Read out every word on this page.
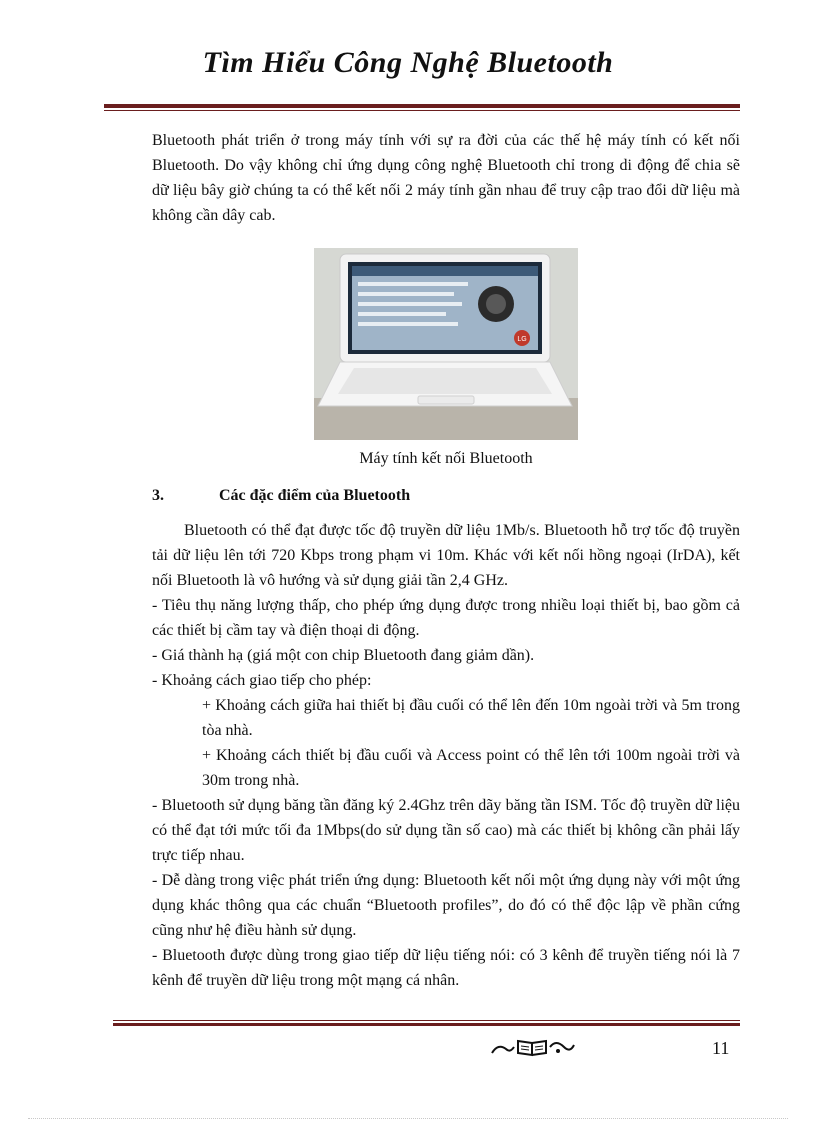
Tìm Hiểu Công Nghệ Bluetooth

Bluetooth phát triển ở trong máy tính với sự ra đời của các thế hệ máy tính có kết nối Bluetooth. Do vậy không chỉ ứng dụng công nghệ Bluetooth chỉ trong di động để chia sẽ dữ liệu bây giờ chúng ta có thể kết nối 2 máy tính gần nhau để truy cập trao đổi dữ liệu mà không cần dây cab.

LG
Máy tính kết nối Bluetooth
3.	Các đặc điểm của Bluetooth

Bluetooth có thể đạt được tốc độ truyền dữ liệu 1Mb/s. Bluetooth hỗ trợ tốc độ truyền tải dữ liệu lên tới 720 Kbps trong phạm vi 10m. Khác với kết nối hồng ngoại (IrDA), kết nối Bluetooth là vô hướng và sử dụng giải tần 2,4 GHz.

- Tiêu thụ năng lượng thấp, cho phép ứng dụng được trong nhiều loại thiết bị, bao gồm cả các thiết bị cầm tay và điện thoại di động.

- Giá thành hạ (giá một con chip Bluetooth đang giảm dần).

- Khoảng cách giao tiếp cho phép:

+ Khoảng cách giữa hai thiết bị đầu cuối có thể lên đến 10m ngoài trời và 5m trong tòa nhà.

+ Khoảng cách thiết bị đầu cuối và Access point có thể lên tới 100m ngoài trời và 30m trong nhà.

- Bluetooth sử dụng băng tần đăng ký 2.4Ghz trên dãy băng tần ISM. Tốc độ truyền dữ liệu có thể đạt tới mức tối đa 1Mbps(do sử dụng tần số cao) mà các thiết bị không cần phải lấy trực tiếp nhau.

- Dễ dàng trong việc phát triển ứng dụng: Bluetooth kết nối một ứng dụng này với một ứng dụng khác thông qua các chuẩn “Bluetooth profiles”, do đó có thể độc lập về phần cứng cũng như hệ điều hành sử dụng.

- Bluetooth được dùng trong giao tiếp dữ liệu tiếng nói: có 3 kênh để truyền tiếng nói là 7 kênh để truyền dữ liệu trong một mạng cá nhân.

11
